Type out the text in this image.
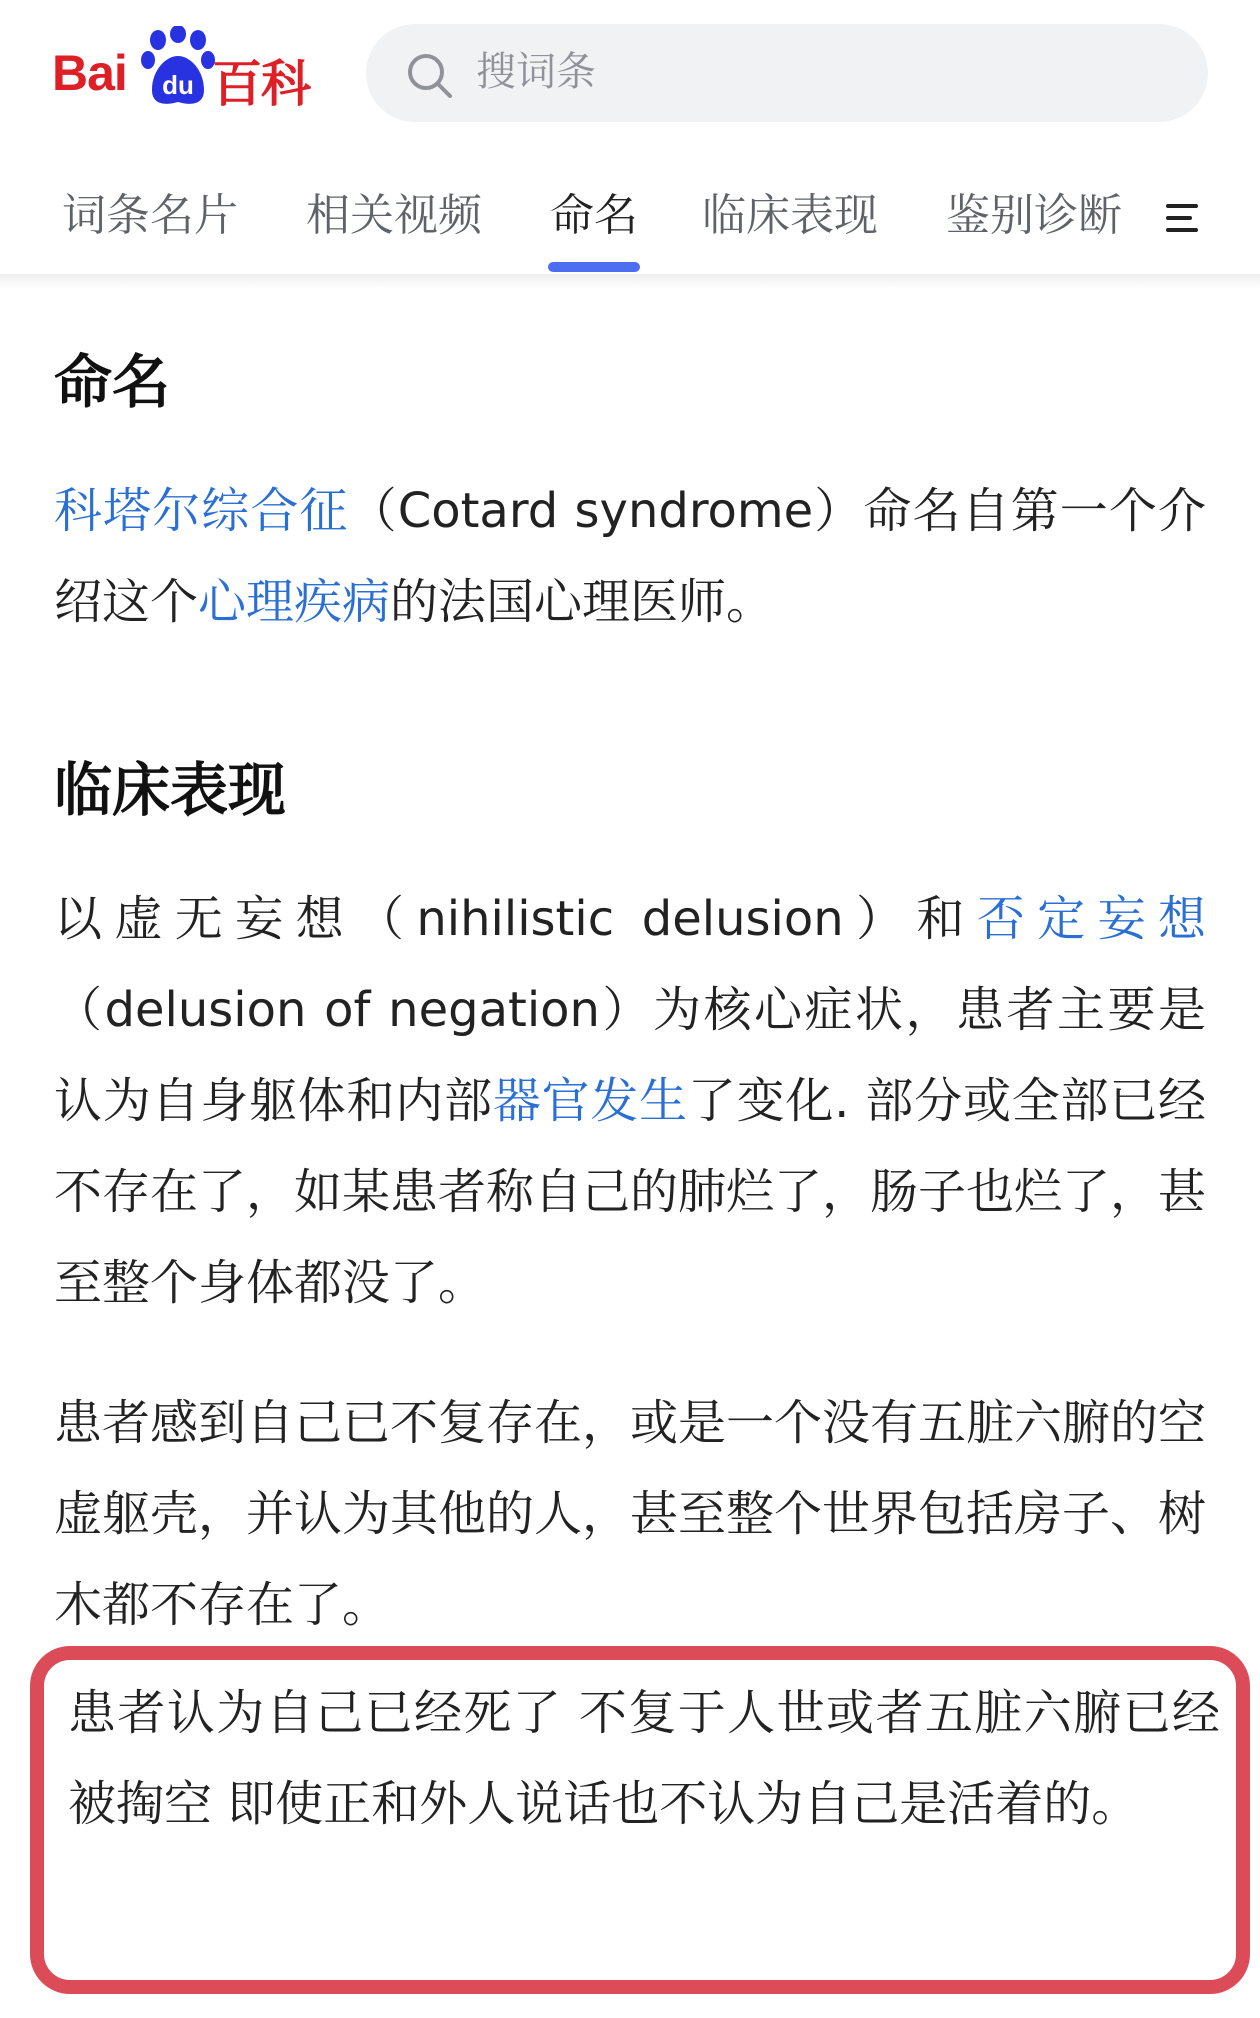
Bai du 百科	搜词条
词条名片 相关视频 命名 临床表现 鉴别诊断
命名
科塔尔综合征（Cotard syndrome）命名自第一个介绍这个心理疾病的法国心理医师。
临床表现
以虚无妄想（nihilistic delusion）和否定妄想（delusion of negation）为核心症状，患者主要是认为自身躯体和内部器官发生了变化. 部分或全部已经不存在了，如某患者称自己的肺烂了，肠子也烂了，甚至整个身体都没了。
患者感到自己已不复存在，或是一个没有五脏六腑的空虚躯壳，并认为其他的人，甚至整个世界包括房子、树木都不存在了。
患者认为自己已经死了 不复于人世或者五脏六腑已经被掏空 即使正和外人说话也不认为自己是活着的。
